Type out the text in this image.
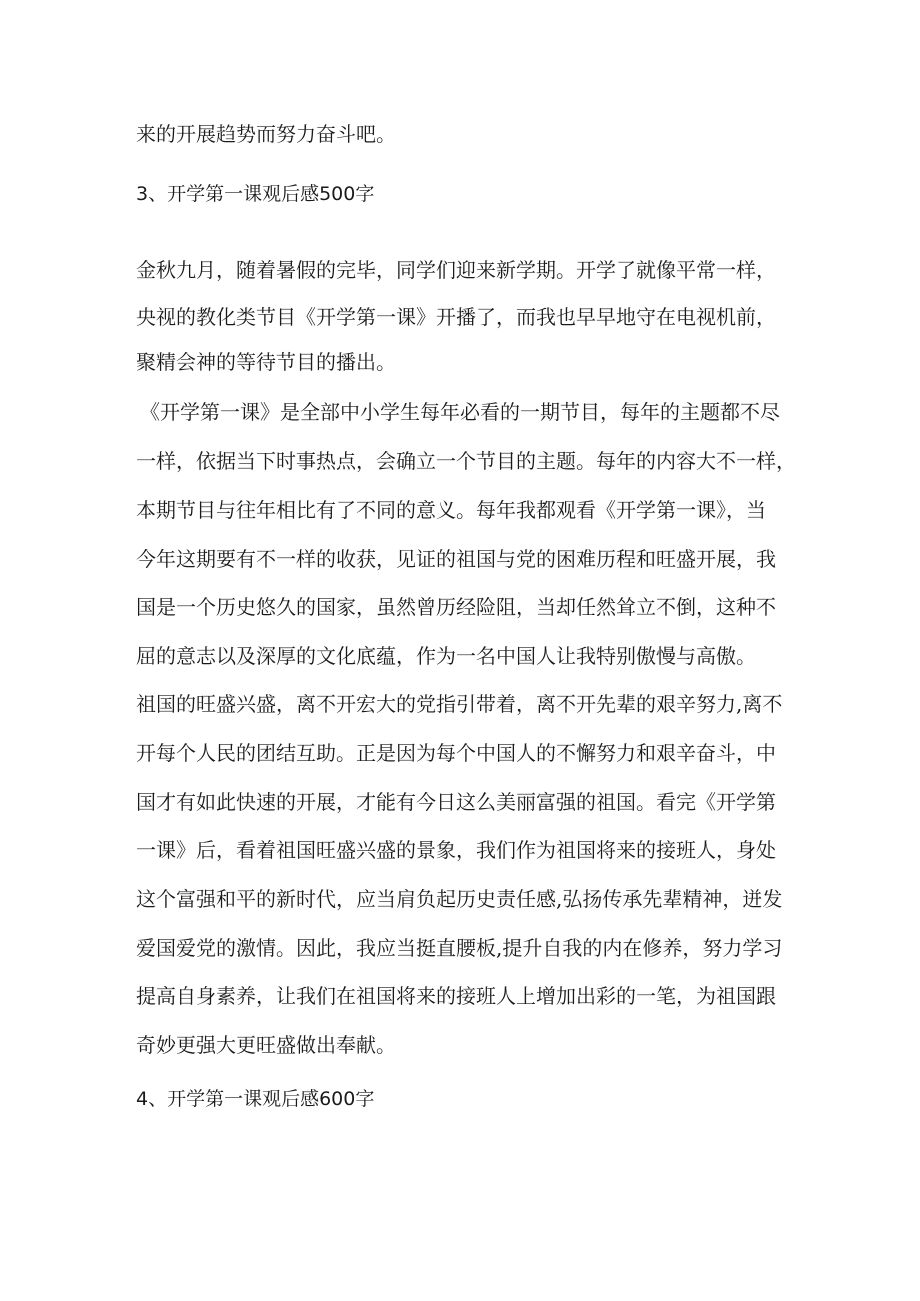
来的开展趋势而努力奋斗吧。

3、开学第一课观后感500字

金秋九月，随着暑假的完毕，同学们迎来新学期。开学了就像平常一样，

央视的教化类节目《开学第一课》开播了，而我也早早地守在电视机前，

聚精会神的等待节目的播出。

《开学第一课》是全部中小学生每年必看的一期节目，每年的主题都不尽

一样，依据当下时事热点，会确立一个节目的主题。每年的内容大不一样，

本期节目与往年相比有了不同的意义。每年我都观看《开学第一课》，当

今年这期要有不一样的收获，见证的祖国与党的困难历程和旺盛开展，我

国是一个历史悠久的国家，虽然曾历经险阻，当却任然耸立不倒，这种不

屈的意志以及深厚的文化底蕴，作为一名中国人让我特别傲慢与高傲。

祖国的旺盛兴盛，离不开宏大的党指引带着，离不开先辈的艰辛努力,离不

开每个人民的团结互助。正是因为每个中国人的不懈努力和艰辛奋斗，中

国才有如此快速的开展，才能有今日这么美丽富强的祖国。看完《开学第

一课》后，看着祖国旺盛兴盛的景象，我们作为祖国将来的接班人，身处

这个富强和平的新时代，应当肩负起历史责任感,弘扬传承先辈精神，迸发

爱国爱党的激情。因此，我应当挺直腰板,提升自我的内在修养，努力学习

提高自身素养，让我们在祖国将来的接班人上增加出彩的一笔，为祖国跟

奇妙更强大更旺盛做出奉献。

4、开学第一课观后感600字
